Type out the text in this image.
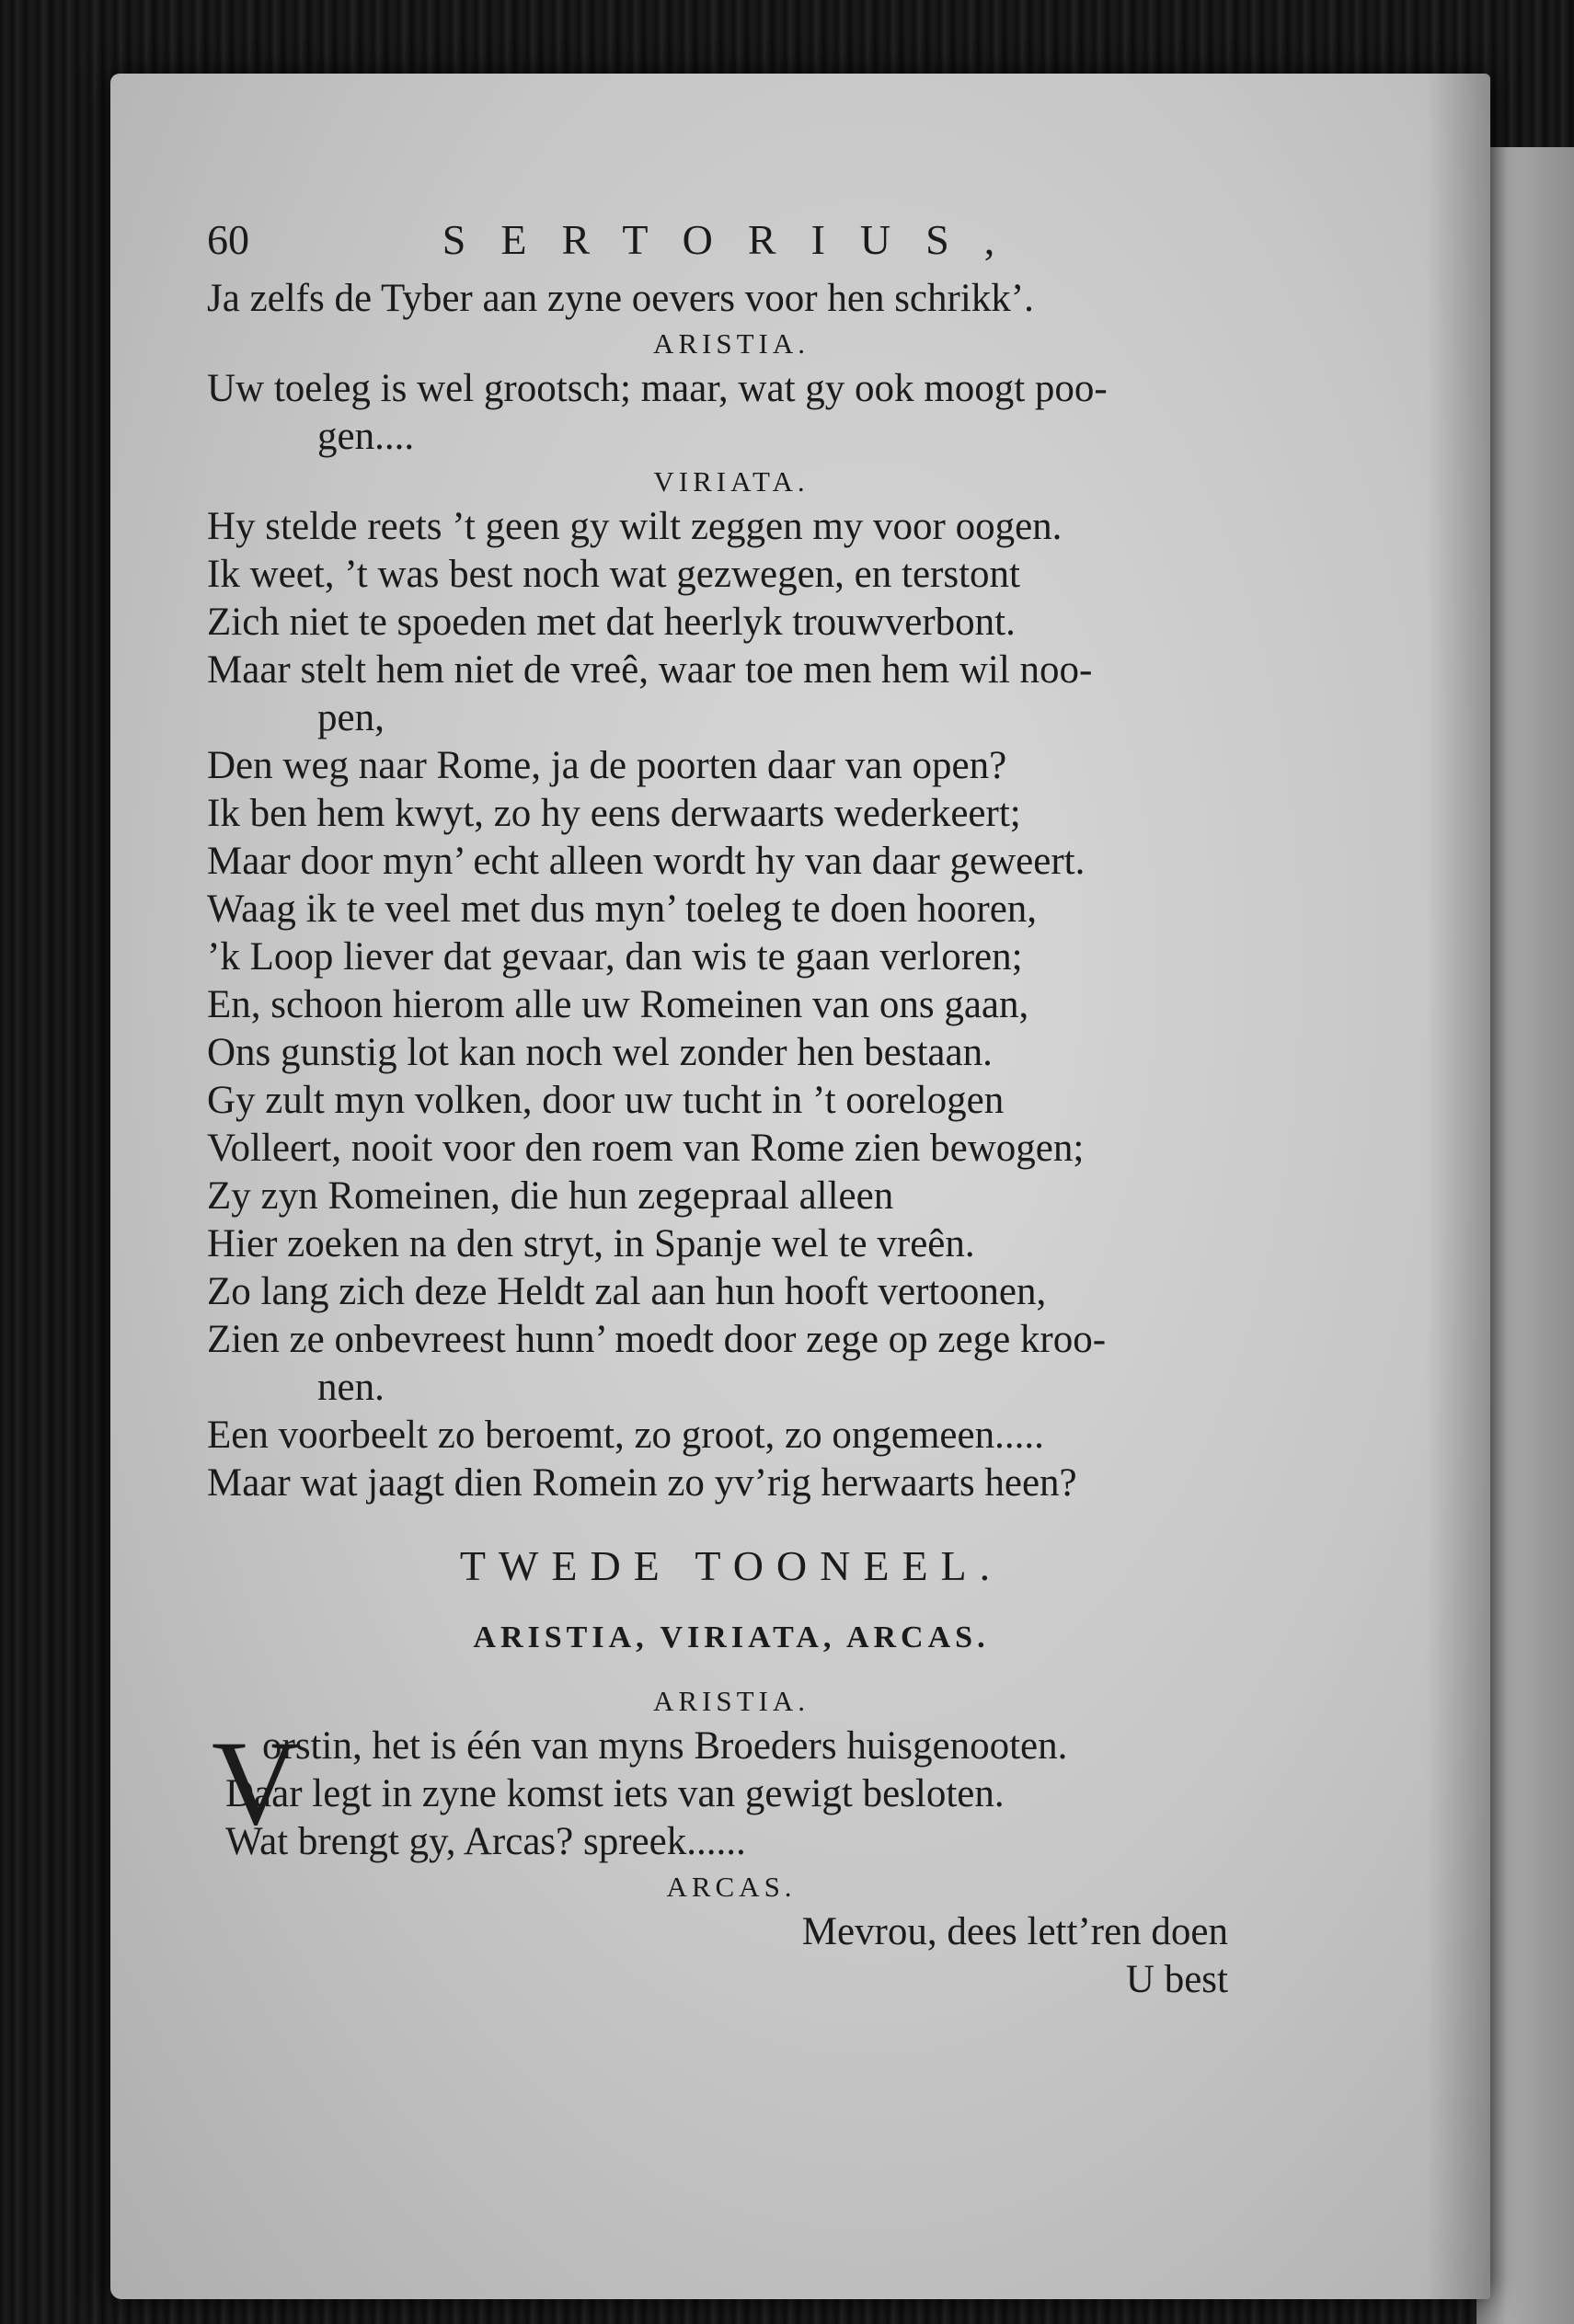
60	SERTORIUS,
Ja zelfs de Tyber aan zyne oevers voor hen schrikk’.
ARISTIA.
Uw toeleg is wel grootsch; maar, wat gy ook moogt poo-
gen....
VIRIATA.
Hy stelde reets ’t geen gy wilt zeggen my voor oogen.
Ik weet, ’t was best noch wat gezwegen, en terstont
Zich niet te spoeden met dat heerlyk trouwverbont.
Maar stelt hem niet de vreê, waar toe men hem wil noo-
pen,
Den weg naar Rome, ja de poorten daar van open?
Ik ben hem kwyt, zo hy eens derwaarts wederkeert;
Maar door myn’ echt alleen wordt hy van daar geweert.
Waag ik te veel met dus myn’ toeleg te doen hooren,
’k Loop liever dat gevaar, dan wis te gaan verloren;
En, schoon hierom alle uw Romeinen van ons gaan,
Ons gunstig lot kan noch wel zonder hen bestaan.
Gy zult myn volken, door uw tucht in ’t oorelogen
Volleert, nooit voor den roem van Rome zien bewogen;
Zy zyn Romeinen, die hun zegepraal alleen
Hier zoeken na den stryt, in Spanje wel te vreên.
Zo lang zich deze Heldt zal aan hun hooft vertoonen,
Zien ze onbevreest hunn’ moedt door zege op zege kroo-
nen.
Een voorbeelt zo beroemt, zo groot, zo ongemeen.....
Maar wat jaagt dien Romein zo yv’rig herwaarts heen?
TWEDE TOONEEL.
ARISTIA, VIRIATA, ARCAS.
ARISTIA.
V
orstin, het is één van myns Broeders huisgenooten.
Daar legt in zyne komst iets van gewigt besloten.
Wat brengt gy, Arcas? spreek......
ARCAS.
Mevrou, dees lett’ren doen
U best
